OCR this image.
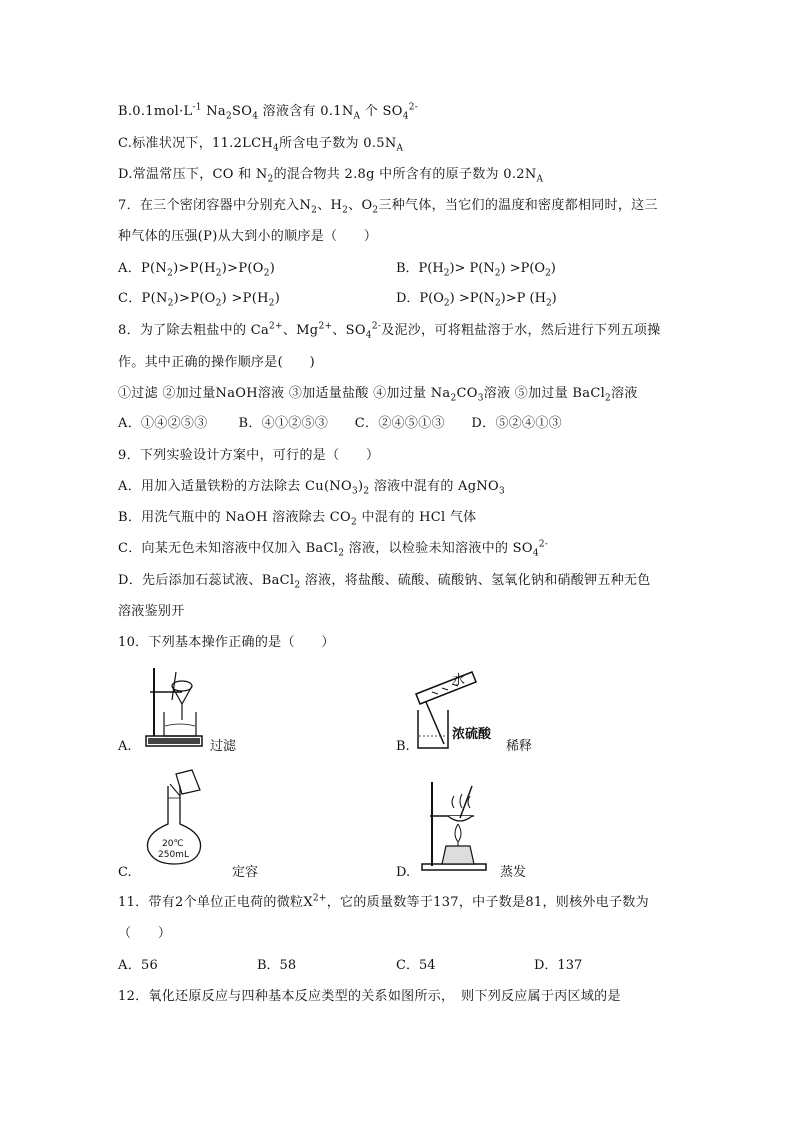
$B.0.1mol\cdot L^{-1}$ $Na_2SO_4$ 溶液含有 $0.1N_A$ 个 $SO_4^{2-}$
C.标准状况下，$11.2LCH_4$所含电子数为 $0.5N_A$
D.常温常压下，CO 和 $N_2$的混合物共 2.8g 中所含有的原子数为 $0.2N_A$
7．在三个密闭容器中分别充入$N_2$、$H_2$、$O_2$三种气体，当它们的温度和密度都相同时，这三
种气体的压强(P)从大到小的顺序是（　　）
A．$P(N_2)>P(H_2)>P(O_2)$	B．$P(H_2)> P(N_2) >P(O_2)$
C．$P(N_2)>P(O_2) >P(H_2)$	D．$P(O_2) >P(N_2)>P$ $(H_2)$
8．为了除去粗盐中的 $Ca^{2+}$、$Mg^{2+}$、$SO_4^{2-}$及泥沙，可将粗盐溶于水，然后进行下列五项操
作。其中正确的操作顺序是(　　)
①过滤 ②加过量NaOH溶液 ③加适量盐酸 ④加过量 $Na_2CO_3$溶液 ⑤加过量 BaCl$_2$溶液
A．①④②⑤③　　 B．④①②⑤③　　C．②④⑤①③　　D．⑤②④①③
9．下列实验设计方案中，可行的是（　　）
A．用加入适量铁粉的方法除去 $Cu(NO_3)_2$ 溶液中混有的 AgNO$_3$
B．用洗气瓶中的 NaOH 溶液除去 $CO_2$ 中混有的 HCl 气体
C．向某无色未知溶液中仅加入 BaCl$_2$ 溶液，以检验未知溶液中的 $SO_4^{2-}$
D．先后添加石蕊试液、BaCl$_2$ 溶液，将盐酸、硫酸、硫酸钠、氢氧化钠和硝酸钾五种无色
溶液鉴别开
10．下列基本操作正确的是（　　）
A.	过滤
水
浓硫酸
B.	稀释
20℃
250mL
C.	定容	D.	蒸发
11．带有2个单位正电荷的微粒$X^{2+}$，它的质量数等于137，中子数是81，则核外电子数为
（　　）
A．56	B．58	C．54	D．137
12．氧化还原反应与四种基本反应类型的关系如图所示，　则下列反应属于丙区域的是
